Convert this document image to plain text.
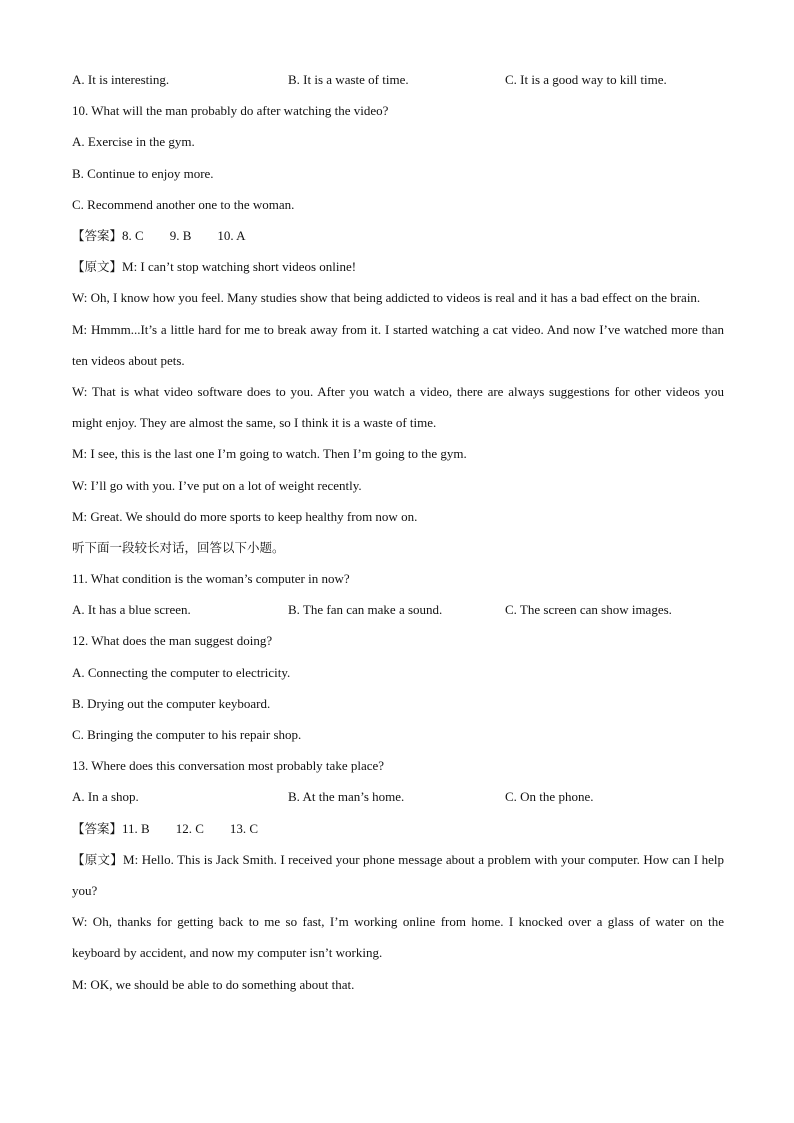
A. It is interesting.	B. It is a waste of time.	C. It is a good way to kill time.
10. What will the man probably do after watching the video?
A. Exercise in the gym.
B. Continue to enjoy more.
C. Recommend another one to the woman.
【答案】8. C 9. B 10. A
【原文】M: I can’t stop watching short videos online!
W: Oh, I know how you feel. Many studies show that being addicted to videos is real and it has a bad effect on the brain.
M: Hmmm...It’s a little hard for me to break away from it. I started watching a cat video. And now I’ve watched more than ten videos about pets.
W: That is what video software does to you. After you watch a video, there are always suggestions for other videos you might enjoy. They are almost the same, so I think it is a waste of time.
M: I see, this is the last one I’m going to watch. Then I’m going to the gym.
W: I’ll go with you. I’ve put on a lot of weight recently.
M: Great. We should do more sports to keep healthy from now on.
听下面一段较长对话，回答以下小题。
11. What condition is the woman’s computer in now?
A. It has a blue screen.	B. The fan can make a sound.	C. The screen can show images.
12. What does the man suggest doing?
A. Connecting the computer to electricity.
B. Drying out the computer keyboard.
C. Bringing the computer to his repair shop.
13. Where does this conversation most probably take place?
A. In a shop.	B. At the man’s home.	C. On the phone.
【答案】11. B 12. C 13. C
【原文】M: Hello. This is Jack Smith. I received your phone message about a problem with your computer. How can I help you?
W: Oh, thanks for getting back to me so fast, I’m working online from home. I knocked over a glass of water on the keyboard by accident, and now my computer isn’t working.
M: OK, we should be able to do something about that.
